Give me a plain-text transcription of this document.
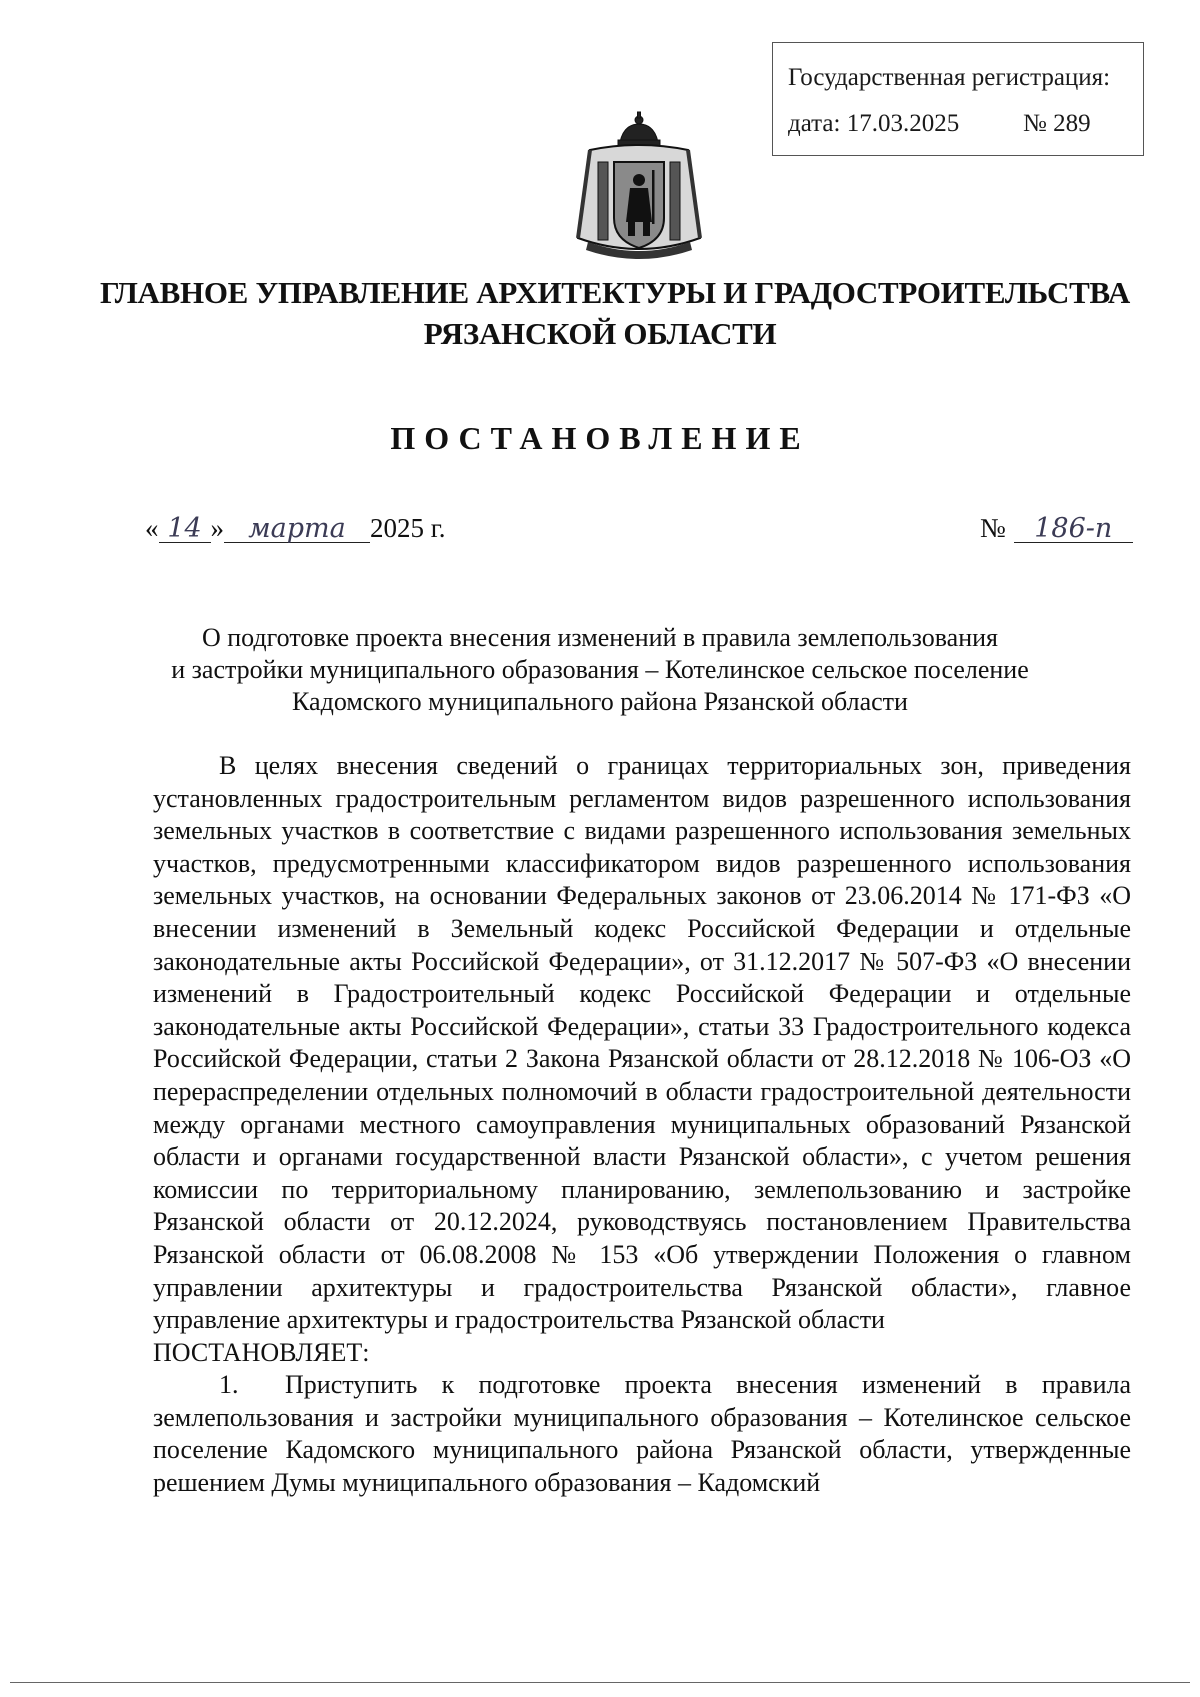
Государственная регистрация:
дата: 17.03.2025	№ 289
ГЛАВНОЕ УПРАВЛЕНИЕ АРХИТЕКТУРЫ И ГРАДОСТРОИТЕЛЬСТВА
РЯЗАНСКОЙ ОБЛАСТИ
ПОСТАНОВЛЕНИЕ
« 14 » марта 2025 г.	№ 186-п
О подготовке проекта внесения изменений в правила землепользования
и застройки муниципального образования – Котелинское сельское поселение
Кадомского муниципального района Рязанской области

В целях внесения сведений о границах территориальных зон, приведения установленных градостроительным регламентом видов разрешенного использования земельных участков в соответствие с видами разрешенного использования земельных участков, предусмотренными классификатором видов разрешенного использования земельных участков, на основании Федеральных законов от 23.06.2014 № 171-ФЗ «О внесении изменений в Земельный кодекс Российской Федерации и отдельные законодательные акты Российской Федерации», от 31.12.2017 № 507-ФЗ «О внесении изменений в Градостроительный кодекс Российской Федерации и отдельные законодательные акты Российской Федерации», статьи 33 Градостроительного кодекса Российской Федерации, статьи 2 Закона Рязанской области от 28.12.2018 № 106-ОЗ «О перераспределении отдельных полномочий в области градостроительной деятельности между органами местного самоуправления муниципальных образований Рязанской области и органами государственной власти Рязанской области», с учетом решения комиссии по территориальному планированию, землепользованию и застройке Рязанской области от 20.12.2024, руководствуясь постановлением Правительства Рязанской области от 06.08.2008 № 153 «Об утверждении Положения о главном управлении архитектуры и градостроительства Рязанской области», главное управление архитектуры и градостроительства Рязанской области

ПОСТАНОВЛЯЕТ:

1. Приступить к подготовке проекта внесения изменений в правила землепользования и застройки муниципального образования – Котелинское сельское поселение Кадомского муниципального района Рязанской области, утвержденные решением Думы муниципального образования – Кадомский
